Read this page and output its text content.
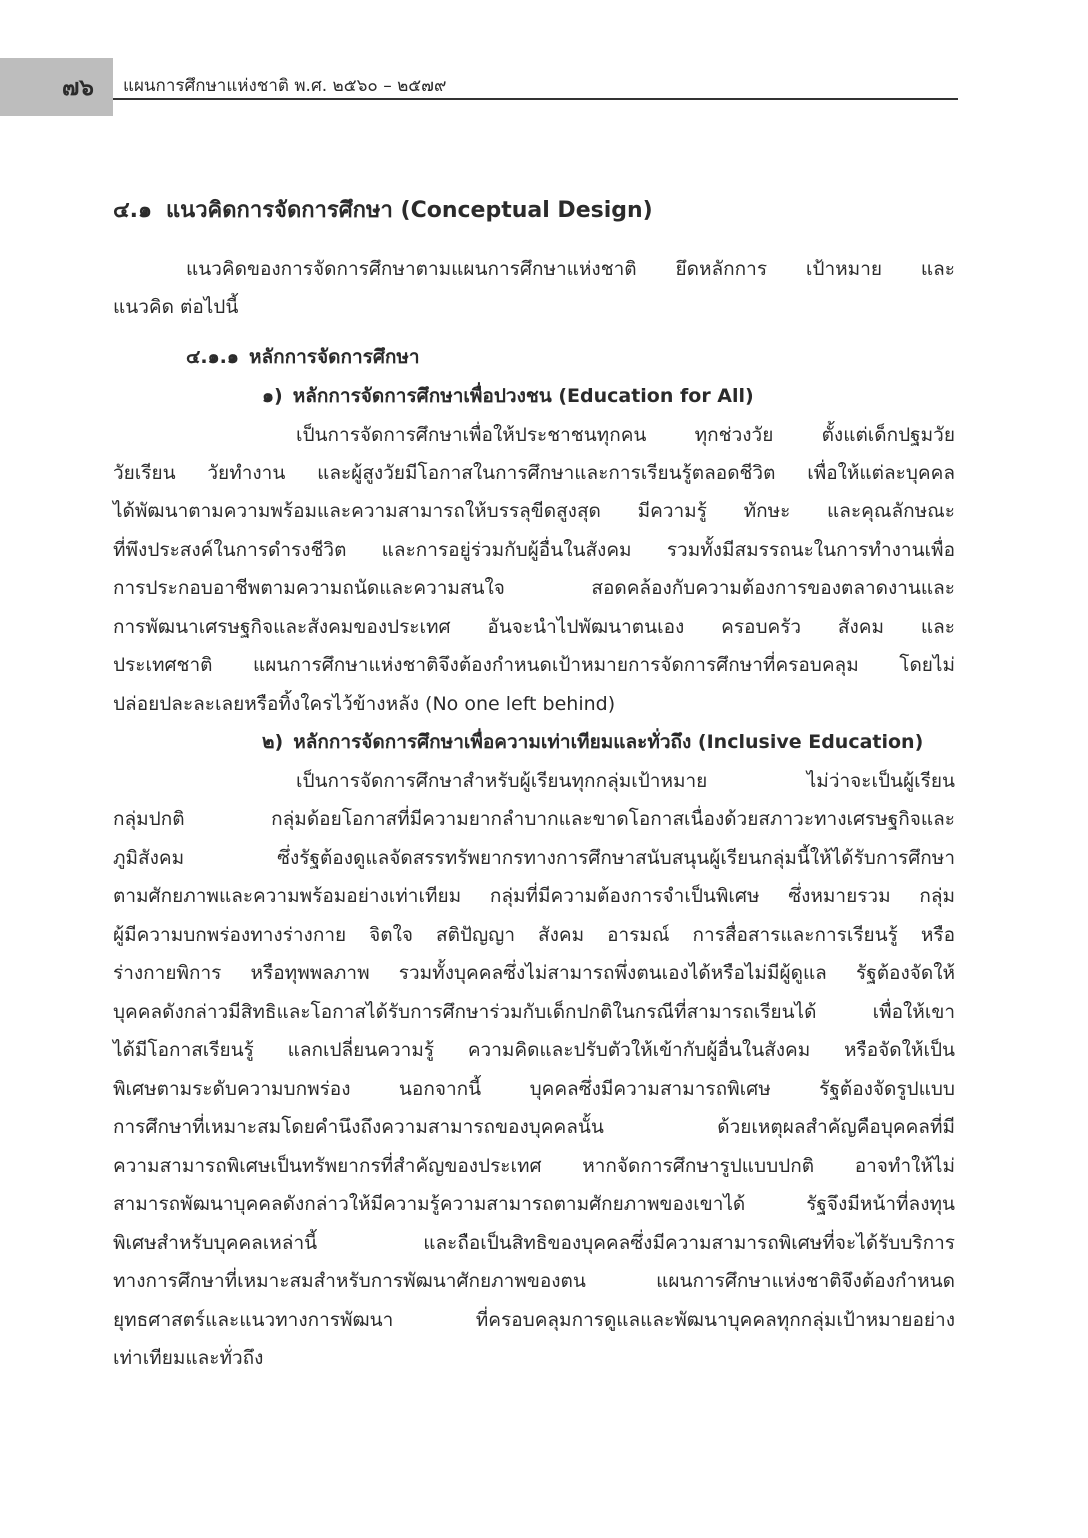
๗๖ แผนการศึกษาแห่งชาติ พ.ศ. ๒๕๖๐ – ๒๕๗๙
๔.๑ แนวคิดการจัดการศึกษา (Conceptual Design)
แนวคิดของการจัดการศึกษาตามแผนการศึกษาแห่งชาติ ยึดหลักการ เป้าหมาย และ
แนวคิด ต่อไปนี้
๔.๑.๑ หลักการจัดการศึกษา
๑) หลักการจัดการศึกษาเพื่อปวงชน (Education for All)
เป็นการจัดการศึกษาเพื่อให้ประชาชนทุกคน ทุกช่วงวัย ตั้งแต่เด็กปฐมวัย
วัยเรียน วัยทำงาน และผู้สูงวัยมีโอกาสในการศึกษาและการเรียนรู้ตลอดชีวิต เพื่อให้แต่ละบุคคล
ได้พัฒนาตามความพร้อมและความสามารถให้บรรลุขีดสูงสุด มีความรู้ ทักษะ และคุณลักษณะ
ที่พึงประสงค์ในการดำรงชีวิต และการอยู่ร่วมกับผู้อื่นในสังคม รวมทั้งมีสมรรถนะในการทำงานเพื่อ
การประกอบอาชีพตามความถนัดและความสนใจ สอดคล้องกับความต้องการของตลาดงานและ
การพัฒนาเศรษฐกิจและสังคมของประเทศ อันจะนำไปพัฒนาตนเอง ครอบครัว สังคม และ
ประเทศชาติ แผนการศึกษาแห่งชาติจึงต้องกำหนดเป้าหมายการจัดการศึกษาที่ครอบคลุม โดยไม่
ปล่อยปละละเลยหรือทิ้งใครไว้ข้างหลัง (No one left behind)
๒) หลักการจัดการศึกษาเพื่อความเท่าเทียมและทั่วถึง (Inclusive Education)
เป็นการจัดการศึกษาสำหรับผู้เรียนทุกกลุ่มเป้าหมาย ไม่ว่าจะเป็นผู้เรียน
กลุ่มปกติ กลุ่มด้อยโอกาสที่มีความยากลำบากและขาดโอกาสเนื่องด้วยสภาวะทางเศรษฐกิจและ
ภูมิสังคม ซึ่งรัฐต้องดูแลจัดสรรทรัพยากรทางการศึกษาสนับสนุนผู้เรียนกลุ่มนี้ให้ได้รับการศึกษา
ตามศักยภาพและความพร้อมอย่างเท่าเทียม กลุ่มที่มีความต้องการจำเป็นพิเศษ ซึ่งหมายรวม กลุ่ม
ผู้มีความบกพร่องทางร่างกาย จิตใจ สติปัญญา สังคม อารมณ์ การสื่อสารและการเรียนรู้ หรือ
ร่างกายพิการ หรือทุพพลภาพ รวมทั้งบุคคลซึ่งไม่สามารถพึ่งตนเองได้หรือไม่มีผู้ดูแล รัฐต้องจัดให้
บุคคลดังกล่าวมีสิทธิและโอกาสได้รับการศึกษาร่วมกับเด็กปกติในกรณีที่สามารถเรียนได้ เพื่อให้เขา
ได้มีโอกาสเรียนรู้ แลกเปลี่ยนความรู้ ความคิดและปรับตัวให้เข้ากับผู้อื่นในสังคม หรือจัดให้เป็น
พิเศษตามระดับความบกพร่อง นอกจากนี้ บุคคลซึ่งมีความสามารถพิเศษ รัฐต้องจัดรูปแบบ
การศึกษาที่เหมาะสมโดยคำนึงถึงความสามารถของบุคคลนั้น ด้วยเหตุผลสำคัญคือบุคคลที่มี
ความสามารถพิเศษเป็นทรัพยากรที่สำคัญของประเทศ หากจัดการศึกษารูปแบบปกติ อาจทำให้ไม่
สามารถพัฒนาบุคคลดังกล่าวให้มีความรู้ความสามารถตามศักยภาพของเขาได้ รัฐจึงมีหน้าที่ลงทุน
พิเศษสำหรับบุคคลเหล่านี้ และถือเป็นสิทธิของบุคคลซึ่งมีความสามารถพิเศษที่จะได้รับบริการ
ทางการศึกษาที่เหมาะสมสำหรับการพัฒนาศักยภาพของตน แผนการศึกษาแห่งชาติจึงต้องกำหนด
ยุทธศาสตร์และแนวทางการพัฒนา ที่ครอบคลุมการดูแลและพัฒนาบุคคลทุกกลุ่มเป้าหมายอย่าง
เท่าเทียมและทั่วถึง
